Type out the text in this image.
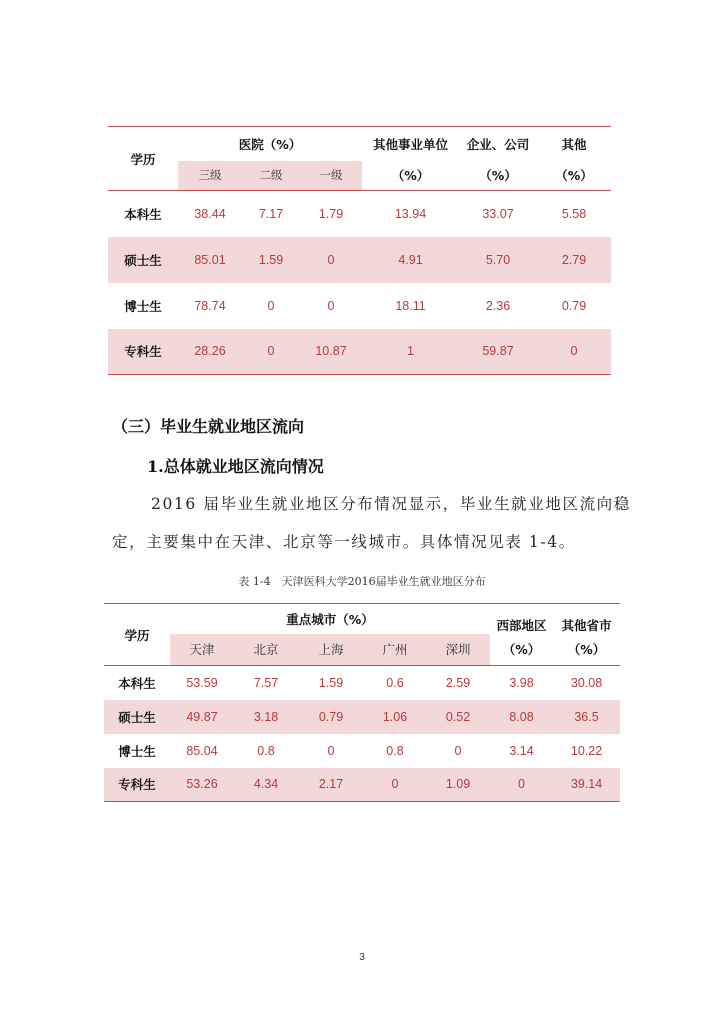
学历	医院（%）			其他事业单位	企业、公司	其他
	三级	二级	一级	（%）	（%）	（%）
本科生	38.44	7.17	1.79	13.94	33.07	5.58
硕士生	85.01	1.59	0	4.91	5.70	2.79
博士生	78.74	0	0	18.11	2.36	0.79
专科生	28.26	0	10.87	1	59.87	0
（三）毕业生就业地区流向
1.总体就业地区流向情况
2016 届毕业生就业地区分布情况显示，毕业生就业地区流向稳
定，主要集中在天津、北京等一线城市。具体情况见表 1-4。
表 1-4　天津医科大学2016届毕业生就业地区分布
学历	重点城市（%）					西部地区	其他省市
	天津	北京	上海	广州	深圳	（%）	（%）
本科生	53.59	7.57	1.59	0.6	2.59	3.98	30.08
硕士生	49.87	3.18	0.79	1.06	0.52	8.08	36.5
博士生	85.04	0.8	0	0.8	0	3.14	10.22
专科生	53.26	4.34	2.17	0	1.09	0	39.14
3
